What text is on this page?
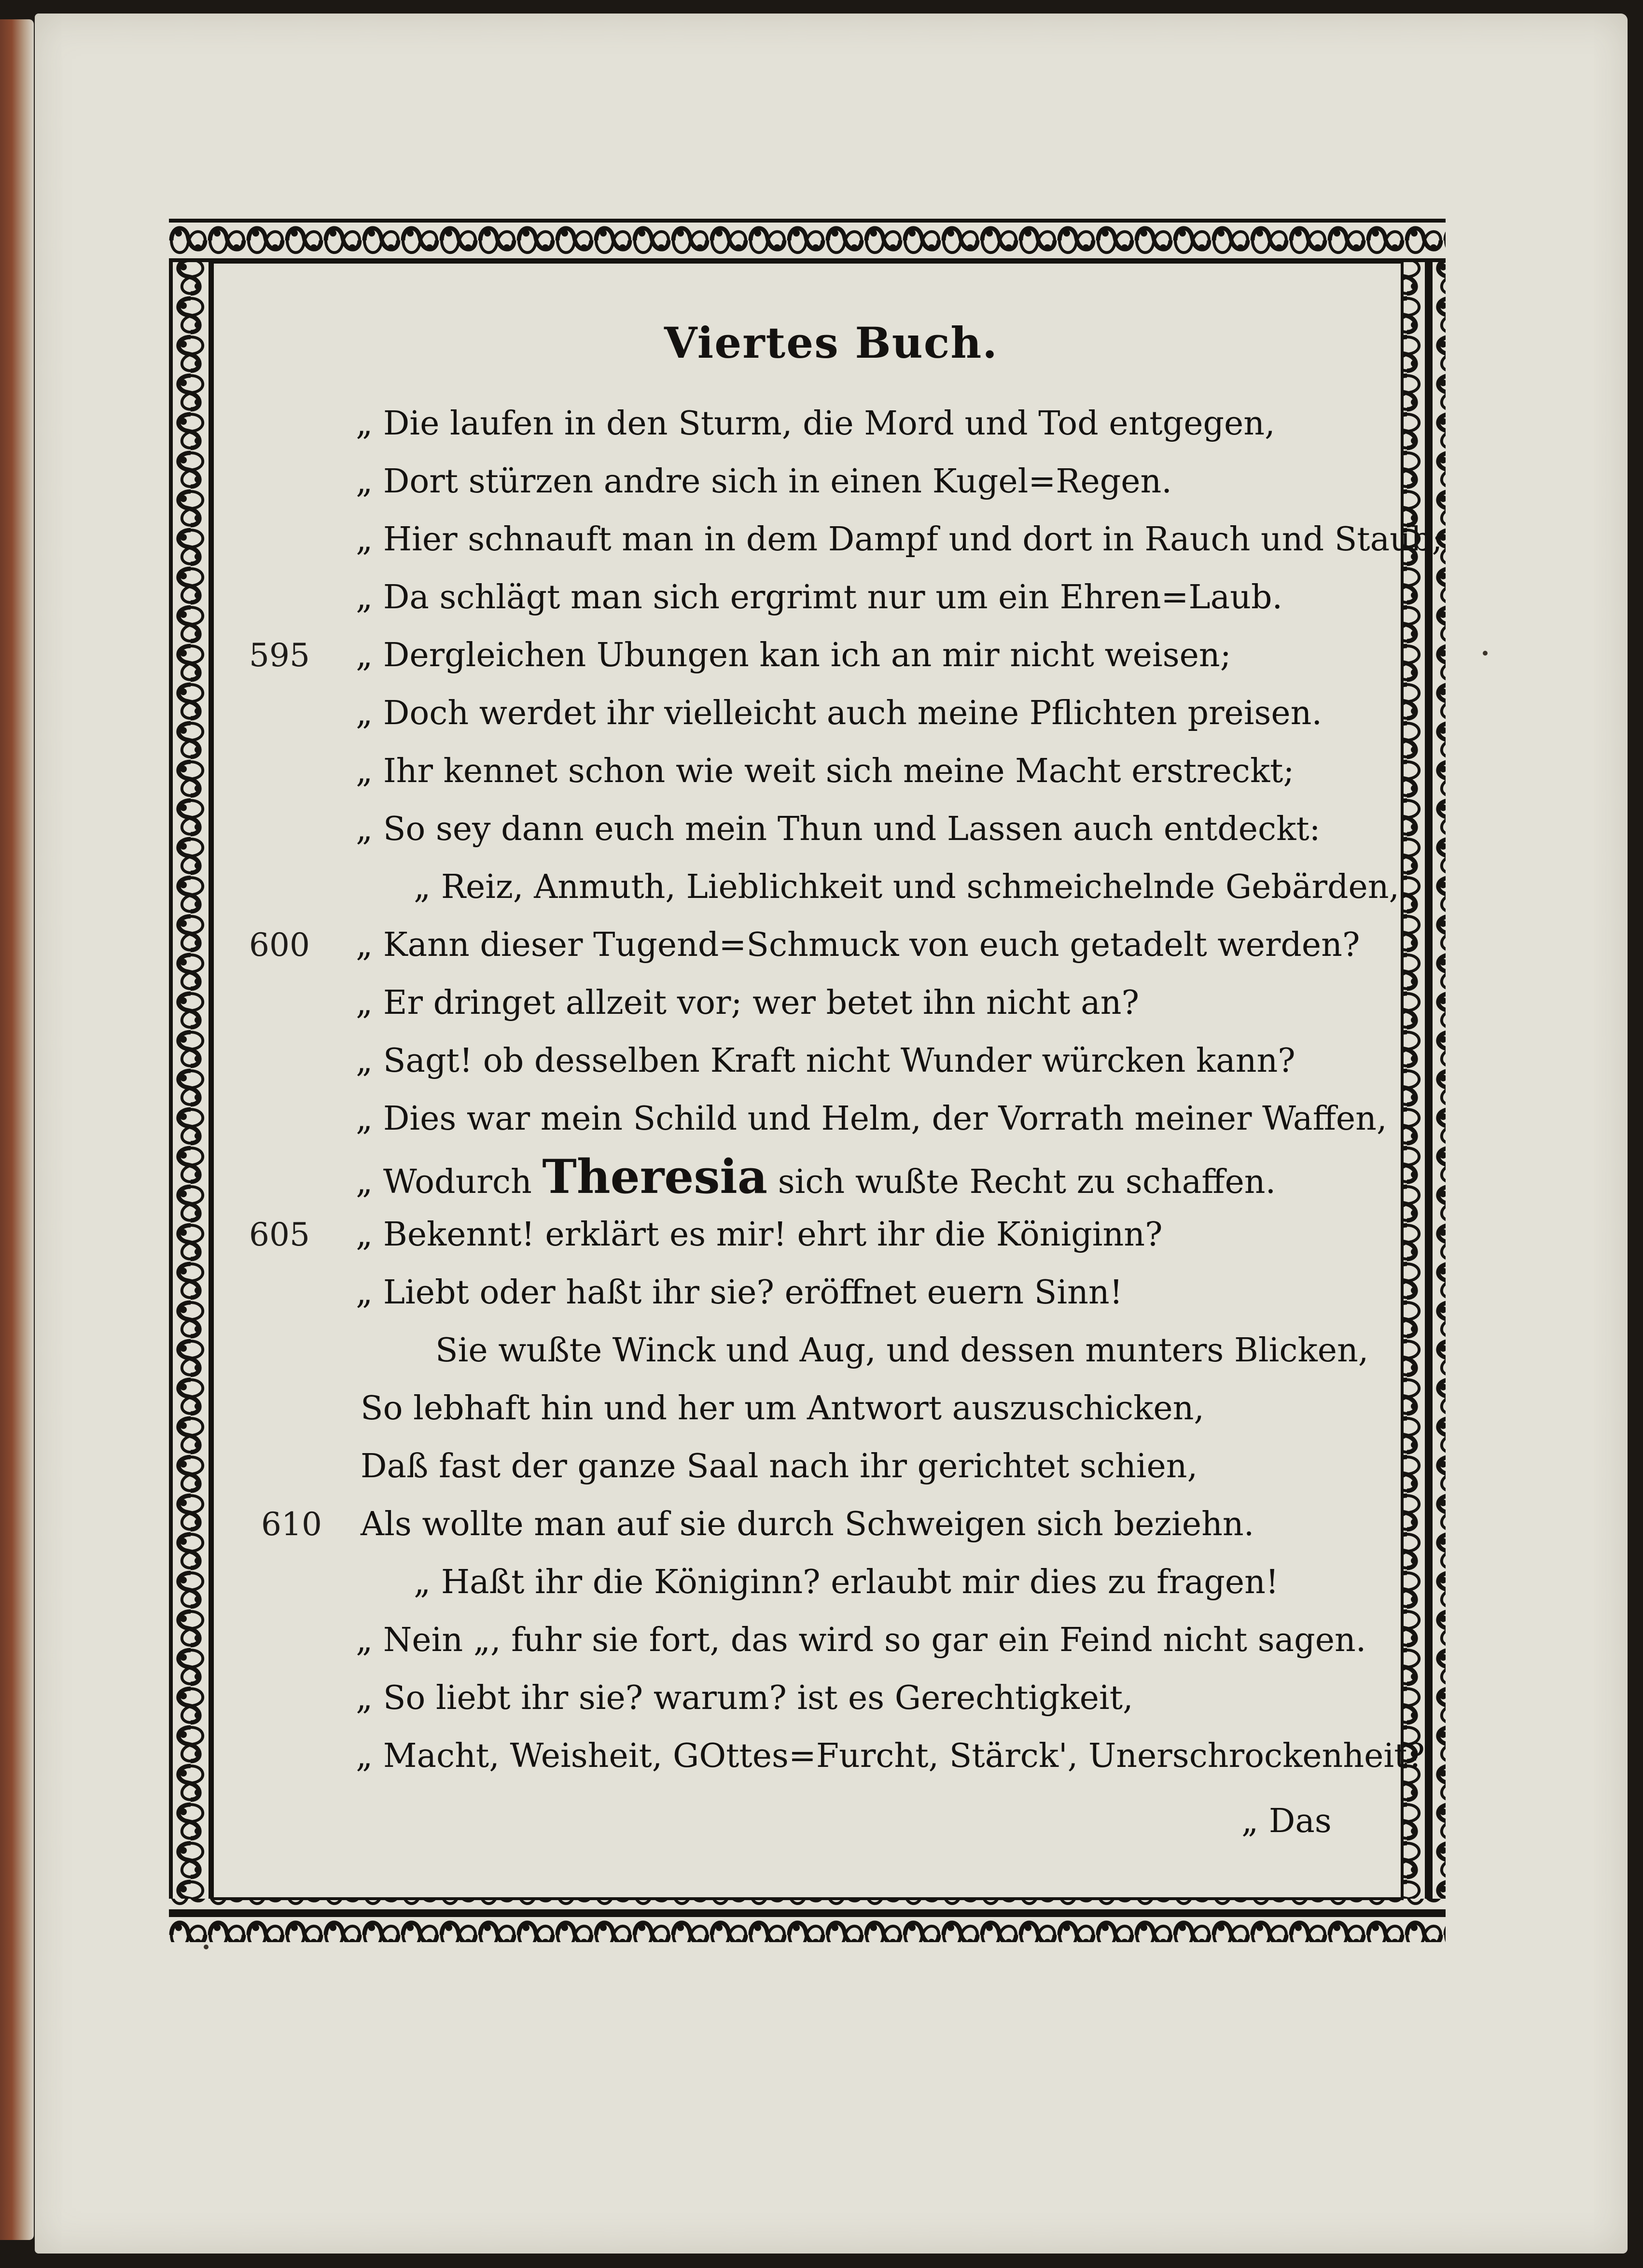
Viertes Buch.
„ Die laufen in den Sturm, die Mord und Tod entgegen,
„ Dort stürzen andre sich in einen Kugel=Regen.
„ Hier schnauft man in dem Dampf und dort in Rauch und Staub;
„ Da schlägt man sich ergrimt nur um ein Ehren=Laub.
„ Dergleichen Ubungen kan ich an mir nicht weisen;
„ Doch werdet ihr vielleicht auch meine Pflichten preisen.
„ Ihr kennet schon wie weit sich meine Macht erstreckt;
„ So sey dann euch mein Thun und Lassen auch entdeckt:
„ Reiz, Anmuth, Lieblichkeit und schmeichelnde Gebärden,
„ Kann dieser Tugend=Schmuck von euch getadelt werden?
„ Er dringet allzeit vor; wer betet ihn nicht an?
„ Sagt! ob desselben Kraft nicht Wunder würcken kann?
„ Dies war mein Schild und Helm, der Vorrath meiner Waffen,
„ Wodurch Theresia sich wußte Recht zu schaffen.
„ Bekennt! erklärt es mir! ehrt ihr die Königinn?
„ Liebt oder haßt ihr sie? eröffnet euern Sinn!
Sie wußte Winck und Aug, und dessen munters Blicken,
So lebhaft hin und her um Antwort auszuschicken,
Daß fast der ganze Saal nach ihr gerichtet schien,
Als wollte man auf sie durch Schweigen sich beziehn.
„ Haßt ihr die Königinn? erlaubt mir dies zu fragen!
„ Nein „, fuhr sie fort, das wird so gar ein Feind nicht sagen.
„ So liebt ihr sie? warum? ist es Gerechtigkeit,
„ Macht, Weisheit, GOttes=Furcht, Stärck', Unerschrockenheit?
595
600
605
610
„ Das
